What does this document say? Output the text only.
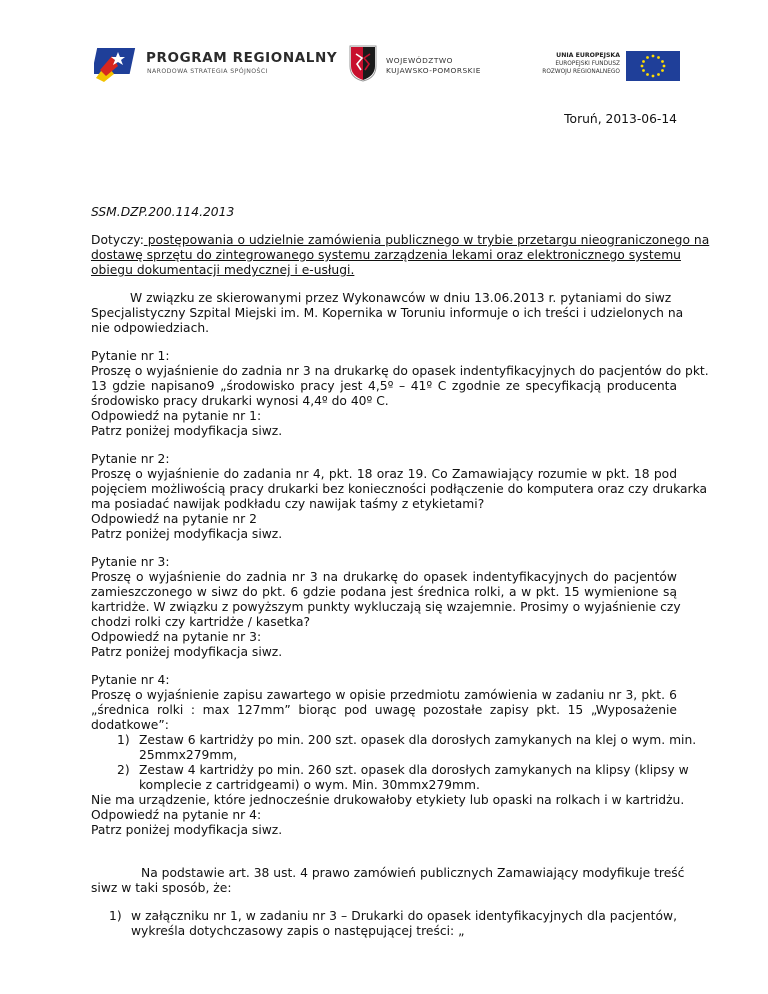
PROGRAM REGIONALNY
NARODOWA STRATEGIA SPÓJNOŚCI
WOJEWÓDZTWO
KUJAWSKO-POMORSKIE
UNIA EUROPEJSKA
EUROPEJSKI FUNDUSZ
ROZWOJU REGIONALNEGO
Toruń, 2013-06-14
SSM.DZP.200.114.2013
Dotyczy: postępowania o udzielnie zamówienia publicznego w trybie przetargu nieograniczonego na
dostawę sprzętu do zintegrowanego systemu zarządzenia lekami oraz elektronicznego systemu
obiegu dokumentacji medycznej i e-usługi.
W związku ze skierowanymi przez Wykonawców w dniu 13.06.2013 r. pytaniami do siwz
Specjalistyczny Szpital Miejski im. M. Kopernika w Toruniu informuje o ich treści i udzielonych na
nie odpowiedziach.
Pytanie nr 1:
Proszę o wyjaśnienie do zadnia nr 3 na drukarkę do opasek indentyfikacyjnych do pacjentów do pkt.
13 gdzie napisano9 „środowisko pracy jest 4,5º – 41º C zgodnie ze specyfikacją producenta
środowisko pracy drukarki wynosi 4,4º do 40º C.
Odpowiedź na pytanie nr 1:
Patrz poniżej modyfikacja siwz.
Pytanie nr 2:
Proszę o wyjaśnienie do zadania nr 4, pkt. 18 oraz 19. Co Zamawiający rozumie w pkt. 18 pod
pojęciem możliwością pracy drukarki bez konieczności podłączenie do komputera oraz czy drukarka
ma posiadać nawijak podkładu czy nawijak taśmy z etykietami?
Odpowiedź na pytanie nr 2
Patrz poniżej modyfikacja siwz.
Pytanie nr 3:
Proszę o wyjaśnienie do zadnia nr 3 na drukarkę do opasek indentyfikacyjnych do pacjentów
zamieszczonego w siwz do pkt. 6 gdzie podana jest średnica rolki, a w pkt. 15 wymienione są
kartridże. W związku z powyższym punkty wykluczają się wzajemnie. Prosimy o wyjaśnienie czy
chodzi rolki czy kartridże / kasetka?
Odpowiedź na pytanie nr 3:
Patrz poniżej modyfikacja siwz.
Pytanie nr 4:
Proszę o wyjaśnienie zapisu zawartego w opisie przedmiotu zamówienia w zadaniu nr 3, pkt. 6
„średnica rolki : max 127mm” biorąc pod uwagę pozostałe zapisy pkt. 15 „Wyposażenie
dodatkowe”:
1) Zestaw 6 kartridży po min. 200 szt. opasek dla dorosłych zamykanych na klej o wym. min.
25mmx279mm,
2) Zestaw 4 kartridży po min. 260 szt. opasek dla dorosłych zamykanych na klipsy (klipsy w
komplecie z cartridgeami) o wym. Min. 30mmx279mm.
Nie ma urządzenie, które jednocześnie drukowałoby etykiety lub opaski na rolkach i w kartridżu.
Odpowiedź na pytanie nr 4:
Patrz poniżej modyfikacja siwz.
Na podstawie art. 38 ust. 4 prawo zamówień publicznych Zamawiający modyfikuje treść
siwz w taki sposób, że:
1) w załączniku nr 1, w zadaniu nr 3 – Drukarki do opasek identyfikacyjnych dla pacjentów,
wykreśla dotychczasowy zapis o następującej treści: „
